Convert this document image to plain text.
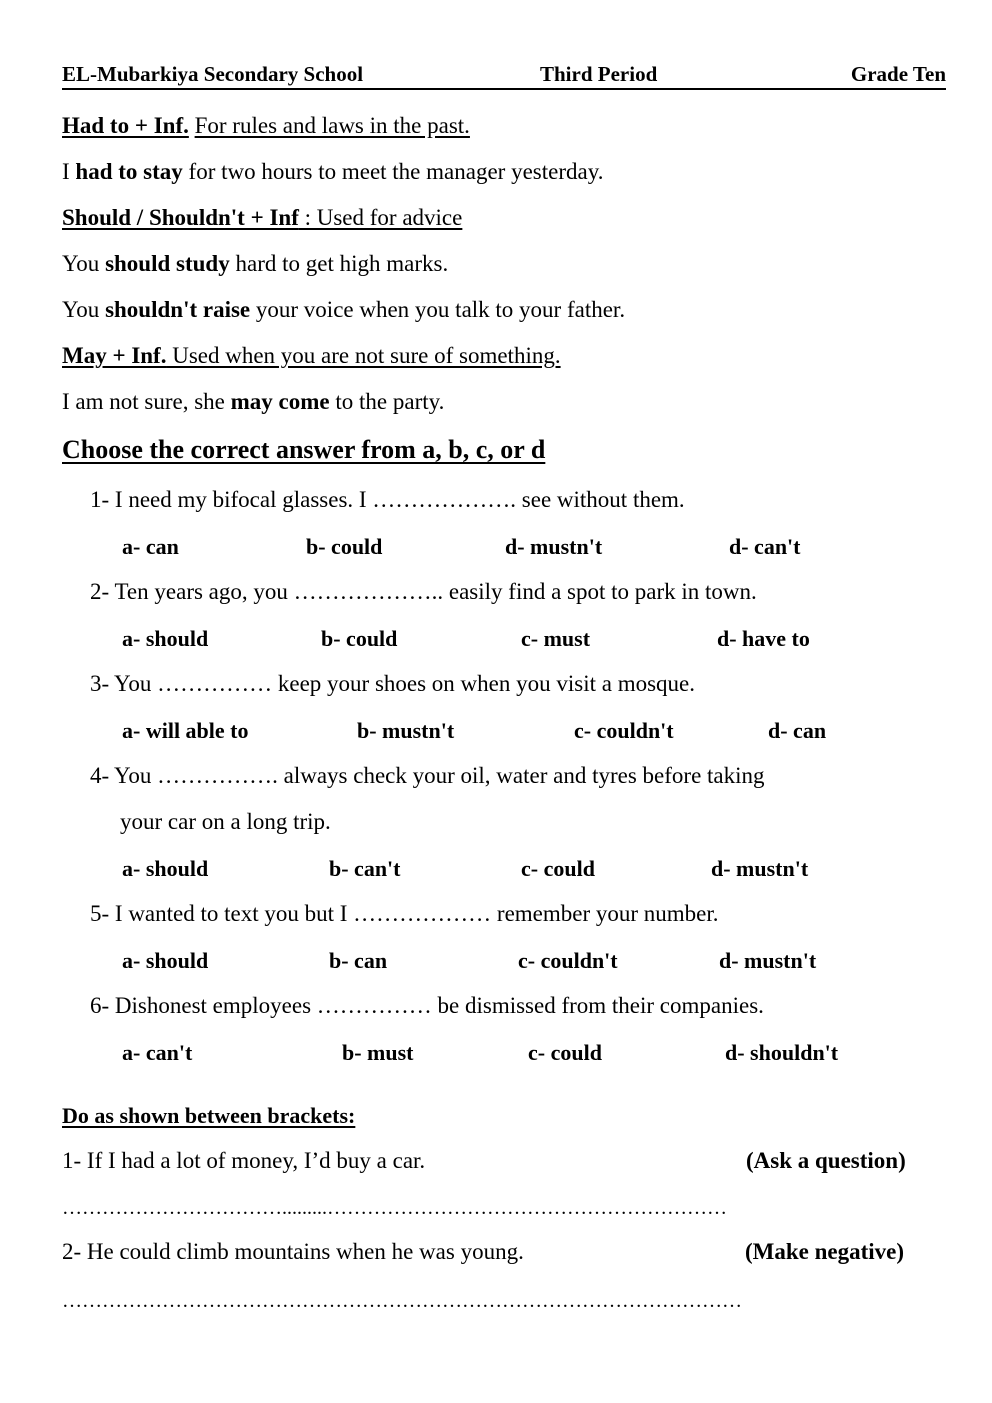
EL-Mubarkiya Secondary School	Third Period	Grade Ten
Had to + Inf. For rules and laws in the past.
I had to stay for two hours to meet the manager yesterday.
Should / Shouldn't + Inf : Used for advice
You should study hard to get high marks.
You shouldn't raise your voice when you talk to your father.
May + Inf. Used when you are not sure of something.
I am not sure, she may come to the party.
Choose the correct answer from a, b, c, or d
1- I need my bifocal glasses. I ………………. see without them.
a- can	b- could	d- mustn't	d- can't
2- Ten years ago, you ……………….. easily find a spot to park in town.
a- should	b- could	c- must	d- have to
3- You …………… keep your shoes on when you visit a mosque.
a- will able to	b- mustn't	c- couldn't	d- can
4- You ……………. always check your oil, water and tyres before taking
your car on a long trip.
a- should	b- can't	c- could	d- mustn't
5- I wanted to text you but I ……………… remember your number.
a- should	b- can	c- couldn't	d- mustn't
6- Dishonest employees …………… be dismissed from their companies.
a- can't	b- must	c- could	d- shouldn't
Do as shown between brackets:
1- If I had a lot of money, I’d buy a car.	(Ask a question)
…………………………….........……………………………………………………
2- He could climb mountains when he was young.	(Make negative)
…………………………………………………………………………………………
